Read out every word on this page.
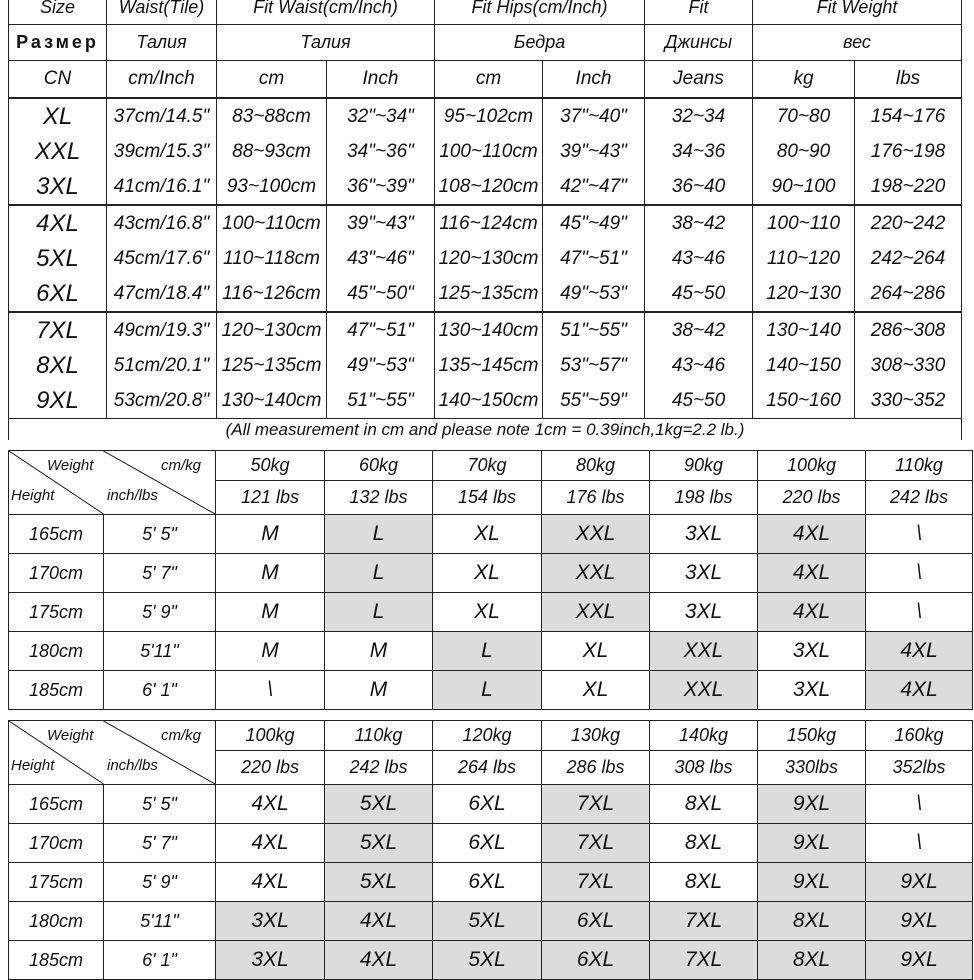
Size	Waist(Tile)	Fit Waist(cm/Inch)		Fit Hips(cm/Inch)		Fit	Fit Weight	
Размер	Талия	Талия		Бедра		Джинсы	вес	
CN	cm/Inch	cm	Inch	cm	Inch	Jeans	kg	lbs
XL	37cm/14.5"	83~88cm	32"~34"	95~102cm	37"~40"	32~34	70~80	154~176
XXL	39cm/15.3"	88~93cm	34"~36"	100~110cm	39"~43"	34~36	80~90	176~198
3XL	41cm/16.1"	93~100cm	36"~39"	108~120cm	42"~47"	36~40	90~100	198~220
4XL	43cm/16.8"	100~110cm	39"~43"	116~124cm	45"~49"	38~42	100~110	220~242
5XL	45cm/17.6"	110~118cm	43"~46"	120~130cm	47"~51"	43~46	110~120	242~264
6XL	47cm/18.4"	116~126cm	45"~50"	125~135cm	49"~53"	45~50	120~130	264~286
7XL	49cm/19.3"	120~130cm	47"~51"	130~140cm	51"~55"	38~42	130~140	286~308
8XL	51cm/20.1"	125~135cm	49"~53"	135~145cm	53"~57"	43~46	140~150	308~330
9XL	53cm/20.8"	130~140cm	51"~55"	140~150cm	55"~59"	45~50	150~160	330~352
(All measurement in cm and please note 1cm = 0.39inch,1kg=2.2 lb.)								
Weight
Height
cm/kg
inch/lbs		50kg	60kg	70kg	80kg	90kg	100kg	110kg
		121 lbs	132 lbs	154 lbs	176 lbs	198 lbs	220 lbs	242 lbs
165cm	5' 5"	M	L	XL	XXL	3XL	4XL	\
170cm	5' 7"	M	L	XL	XXL	3XL	4XL	\
175cm	5' 9"	M	L	XL	XXL	3XL	4XL	\
180cm	5'11"	M	M	L	XL	XXL	3XL	4XL
185cm	6' 1"	\	M	L	XL	XXL	3XL	4XL
Weight
Height
cm/kg
inch/lbs		100kg	110kg	120kg	130kg	140kg	150kg	160kg
		220 lbs	242 lbs	264 lbs	286 lbs	308 lbs	330lbs	352lbs
165cm	5' 5"	4XL	5XL	6XL	7XL	8XL	9XL	\
170cm	5' 7"	4XL	5XL	6XL	7XL	8XL	9XL	\
175cm	5' 9"	4XL	5XL	6XL	7XL	8XL	9XL	9XL
180cm	5'11"	3XL	4XL	5XL	6XL	7XL	8XL	9XL
185cm	6' 1"	3XL	4XL	5XL	6XL	7XL	8XL	9XL
